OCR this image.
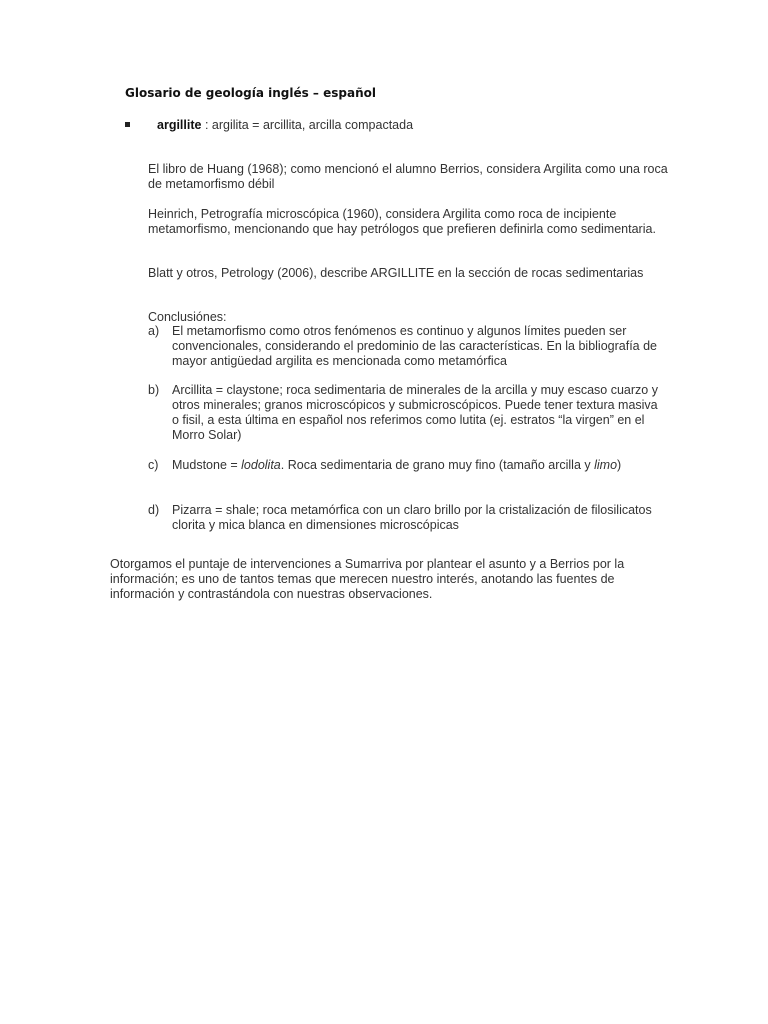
Glosario de geología inglés – español
argillite : argilita = arcillita, arcilla compactada

El libro de Huang (1968); como mencionó el alumno Berrios, considera Argilita como una roca de metamorfismo débil

Heinrich, Petrografía microscópica (1960), considera Argilita como roca de incipiente metamorfismo, mencionando que hay petrólogos que prefieren definirla como sedimentaria.

Blatt y otros, Petrology (2006), describe ARGILLITE en la sección de rocas sedimentarias

Conclusiónes:
a) El metamorfismo como otros fenómenos es continuo y algunos límites pueden ser convencionales, considerando el predominio de las características. En la bibliografía de mayor antigüedad argilita es mencionada como metamórfica
b) Arcillita = claystone; roca sedimentaria de minerales de la arcilla y muy escaso cuarzo y otros minerales; granos microscópicos y submicroscópicos. Puede tener textura masiva o fisil, a esta última en español nos referimos como lutita (ej. estratos “la virgen” en el Morro Solar)
c) Mudstone = lodolita. Roca sedimentaria de grano muy fino (tamaño arcilla y limo)
d) Pizarra = shale; roca metamórfica con un claro brillo por la cristalización de filosilicatos clorita y mica blanca en dimensiones microscópicas
Otorgamos el puntaje de intervenciones a Sumarriva por plantear el asunto y a Berrios por la información; es uno de tantos temas que merecen nuestro interés, anotando las fuentes de información y contrastándola con nuestras observaciones.
